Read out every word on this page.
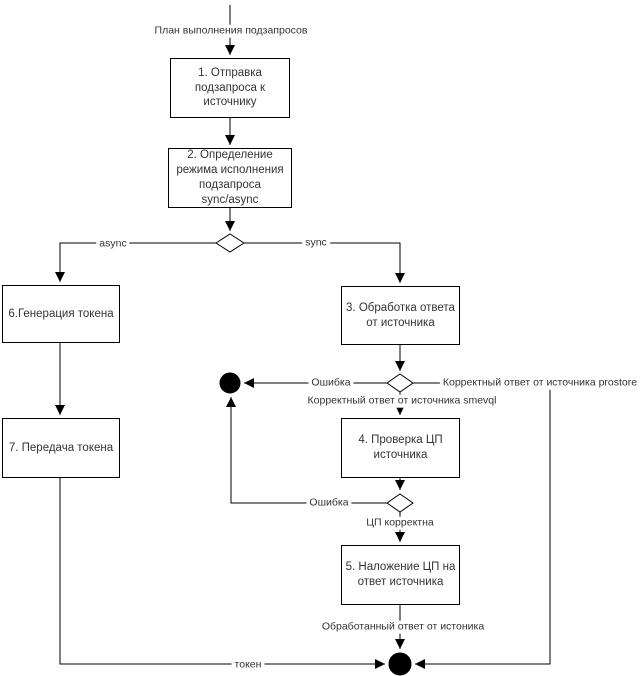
1. Отправка подзапроса к источнику
2. Определение режима исполнения подзапроса sync/async
3. Обработка ответа от источника
6.Генерация токена
4. Проверка ЦП источника
7. Передача токена
5. Наложение ЦП на ответ источника
План выполнения подзапросов
async	sync
Ошибка	Корректный ответ от источника prostore
Корректный ответ от источника smevql
Ошибка
ЦП корректна
Обработанный ответ от истоника
токен
